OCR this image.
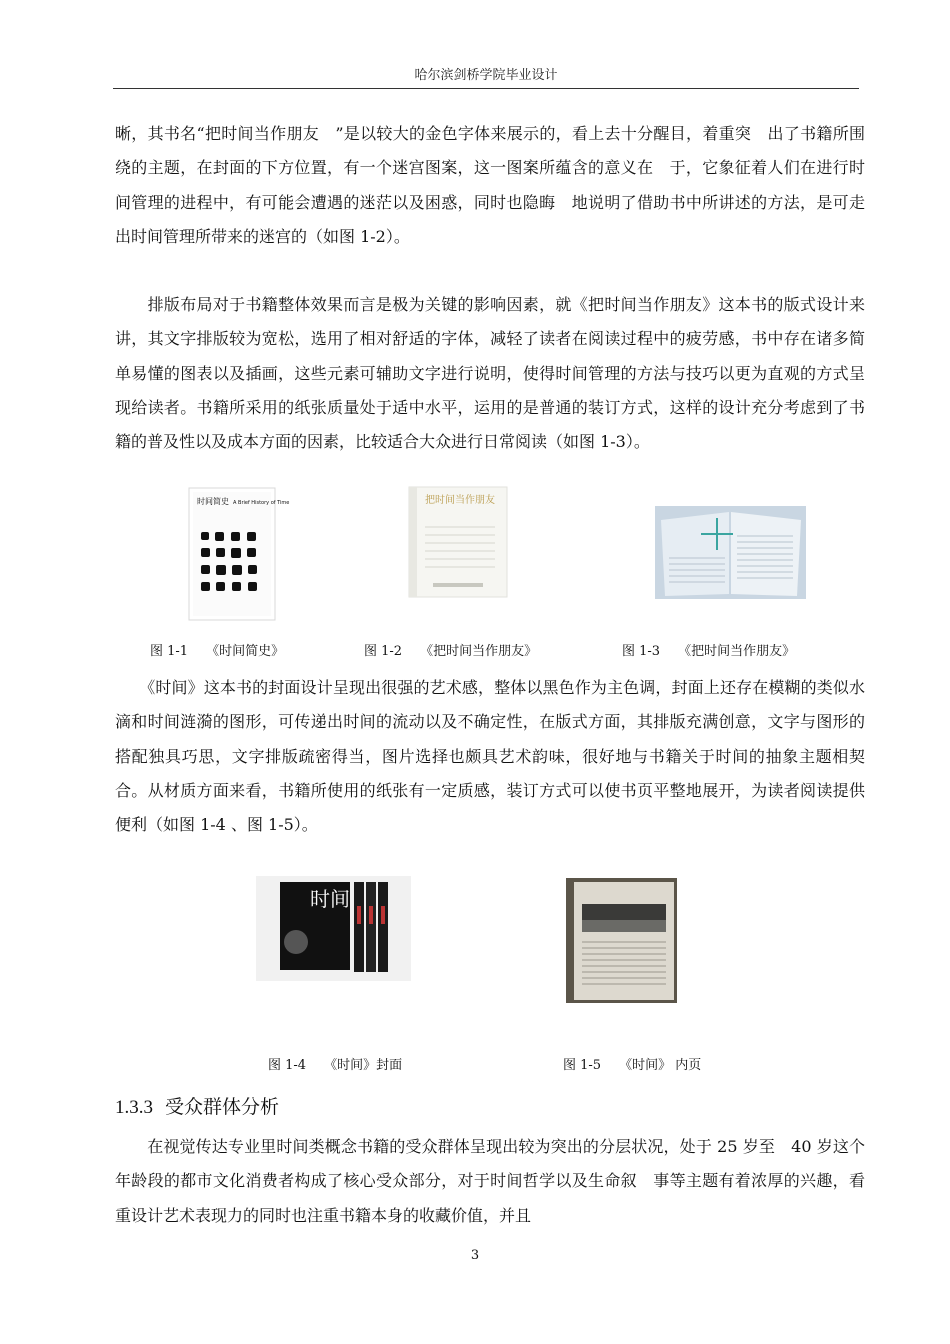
哈尔滨剑桥学院毕业设计

晰，其书名“把时间当作朋友　”是以较大的金色字体来展示的，看上去十分醒目，着重突　出了书籍所围绕的主题，在封面的下方位置，有一个迷宫图案，这一图案所蕴含的意义在　于，它象征着人们在进行时间管理的进程中，有可能会遭遇的迷茫以及困惑，同时也隐晦　地说明了借助书中所讲述的方法，是可走出时间管理所带来的迷宫的（如图 1-2）。

　　排版布局对于书籍整体效果而言是极为关键的影响因素，就《把时间当作朋友》这本书的版式设计来讲，其文字排版较为宽松，选用了相对舒适的字体，减轻了读者在阅读过程中的疲劳感，书中存在诸多简单易懂的图表以及插画，这些元素可辅助文字进行说明，使得时间管理的方法与技巧以更为直观的方式呈现给读者。书籍所采用的纸张质量处于适中水平，运用的是普通的装订方式，这样的设计充分考虑到了书籍的普及性以及成本方面的因素，比较适合大众进行日常阅读（如图 1-3）。

时间简史 A Brief History of Time	把时间当作朋友
图 1-1 《时间简史》	图 1-2 《把时间当作朋友》	图 1-3 《把时间当作朋友》

　　《时间》这本书的封面设计呈现出很强的艺术感，整体以黑色作为主色调，封面上还存在模糊的类似水滴和时间涟漪的图形，可传递出时间的流动以及不确定性，在版式方面，其排版充满创意，文字与图形的搭配独具巧思，文字排版疏密得当，图片选择也颇具艺术韵味，很好地与书籍关于时间的抽象主题相契合。从材质方面来看，书籍所使用的纸张有一定质感，装订方式可以使书页平整地展开，为读者阅读提供便利（如图 1-4 、图 1-5）。

时间
图 1-4 《时间》封面	图 1-5 《时间》 内页
1.3.3 受众群体分析

　　在视觉传达专业里时间类概念书籍的受众群体呈现出较为突出的分层状况，处于 25 岁至　40 岁这个年龄段的都市文化消费者构成了核心受众部分，对于时间哲学以及生命叙　事等主题有着浓厚的兴趣，看重设计艺术表现力的同时也注重书籍本身的收藏价值，并且

3
